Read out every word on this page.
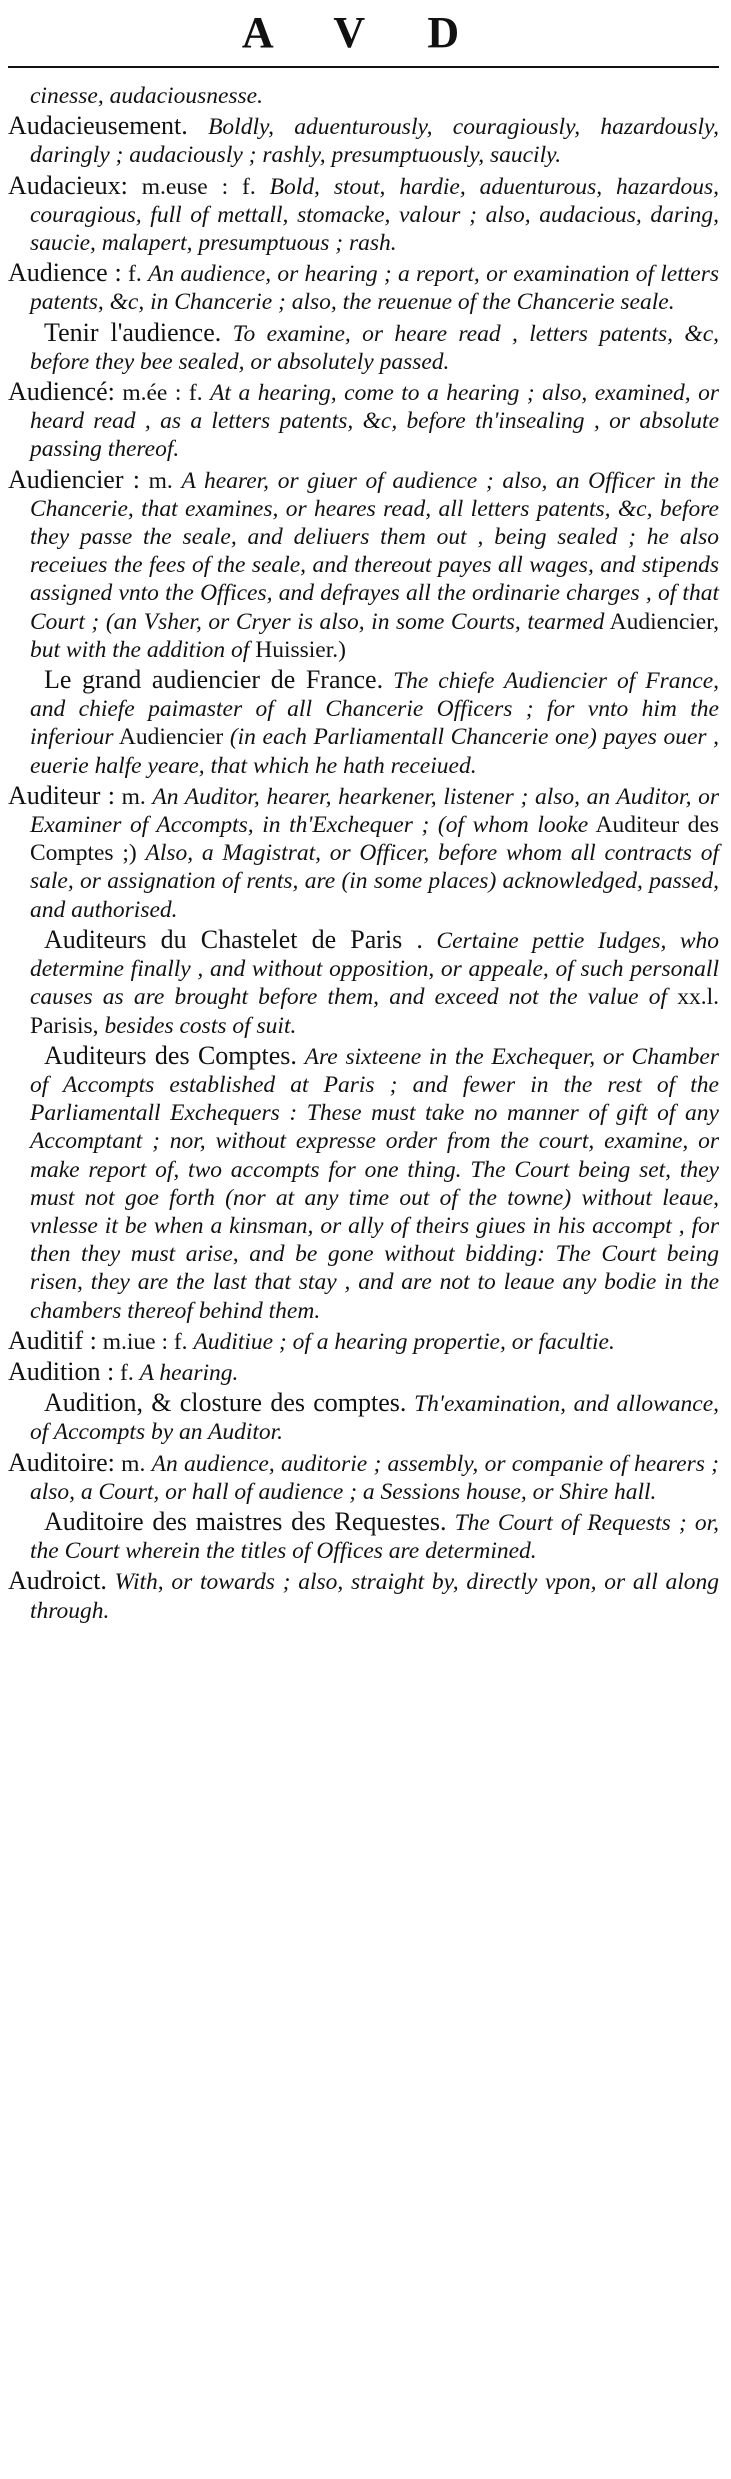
A V D

cinesse, audaciousnesse.

Audacieusement. Boldly, aduenturously, couragiously, hazardously, daringly ; audaciously ; rashly, presumptuously, saucily.

Audacieux: m.euse : f. Bold, stout, hardie, aduenturous, hazardous, couragious, full of mettall, stomacke, valour ; also, audacious, daring, saucie, malapert, presumptuous ; rash.

Audience : f. An audience, or hearing ; a report, or examination of letters patents, &c, in Chancerie ; also, the reuenue of the Chancerie seale.

Tenir l'audience. To examine, or heare read , letters patents, &c, before they bee sealed, or absolutely passed.

Audiencé: m.ée : f. At a hearing, come to a hearing ; also, examined, or heard read , as a letters patents, &c, before th'insealing , or absolute passing thereof.

Audiencier : m. A hearer, or giuer of audience ; also, an Officer in the Chancerie, that examines, or heares read, all letters patents, &c, before they passe the seale, and deliuers them out , being sealed ; he also receiues the fees of the seale, and thereout payes all wages, and stipends assigned vnto the Offices, and defrayes all the ordinarie charges , of that Court ; (an Vsher, or Cryer is also, in some Courts, tearmed Audiencier, but with the addition of Huissier.)

Le grand audiencier de France. The chiefe Audiencier of France, and chiefe paimaster of all Chancerie Officers ; for vnto him the inferiour Audiencier (in each Parliamentall Chancerie one) payes ouer , euerie halfe yeare, that which he hath receiued.

Auditeur : m. An Auditor, hearer, hearkener, listener ; also, an Auditor, or Examiner of Accompts, in th'Exchequer ; (of whom looke Auditeur des Comptes ;) Also, a Magistrat, or Officer, before whom all contracts of sale, or assignation of rents, are (in some places) acknowledged, passed, and authorised.

Auditeurs du Chastelet de Paris . Certaine pettie Iudges, who determine finally , and without opposition, or appeale, of such personall causes as are brought before them, and exceed not the value of xx.l. Parisis, besides costs of suit.

Auditeurs des Comptes. Are sixteene in the Exchequer, or Chamber of Accompts established at Paris ; and fewer in the rest of the Parliamentall Exchequers : These must take no manner of gift of any Accomptant ; nor, without expresse order from the court, examine, or make report of, two accompts for one thing. The Court being set, they must not goe forth (nor at any time out of the towne) without leaue, vnlesse it be when a kinsman, or ally of theirs giues in his accompt , for then they must arise, and be gone without bidding: The Court being risen, they are the last that stay , and are not to leaue any bodie in the chambers thereof behind them.

Auditif : m.iue : f. Auditiue ; of a hearing propertie, or facultie.

Audition : f. A hearing.

Audition, & closture des comptes. Th'examination, and allowance, of Accompts by an Auditor.

Auditoire: m. An audience, auditorie ; assembly, or companie of hearers ; also, a Court, or hall of audience ; a Sessions house, or Shire hall.

Auditoire des maistres des Requestes. The Court of Requests ; or, the Court wherein the titles of Offices are determined.

Audroict. With, or towards ; also, straight by, directly vpon, or all along through.
